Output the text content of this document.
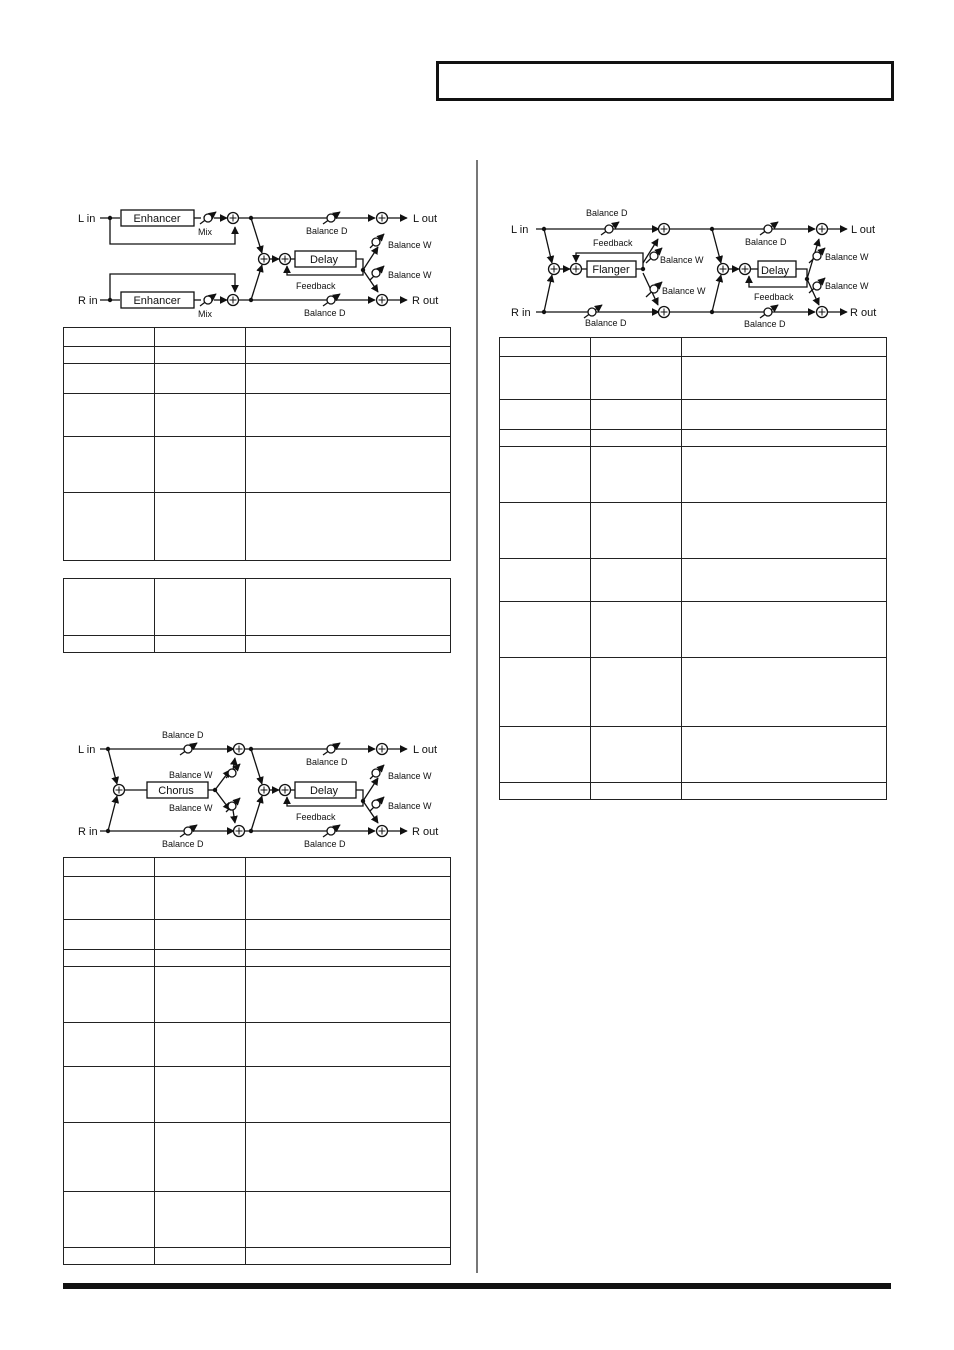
L in
R in
L out
R out
Enhancer
Enhancer
Delay
Mix
Mix
Balance D
Balance D
Balance W
Balance W
Feedback

L in
R in
L out
R out
Chorus	Delay
Balance D
Balance D
Balance W
Balance W
Balance D
Balance D
Balance W
Balance W
Feedback

L in
R in
L out
R out
Flanger	Delay
Balance D
Balance D
Feedback
Balance W
Balance W
Balance D
Balance D
Balance W
Balance W
Feedback
